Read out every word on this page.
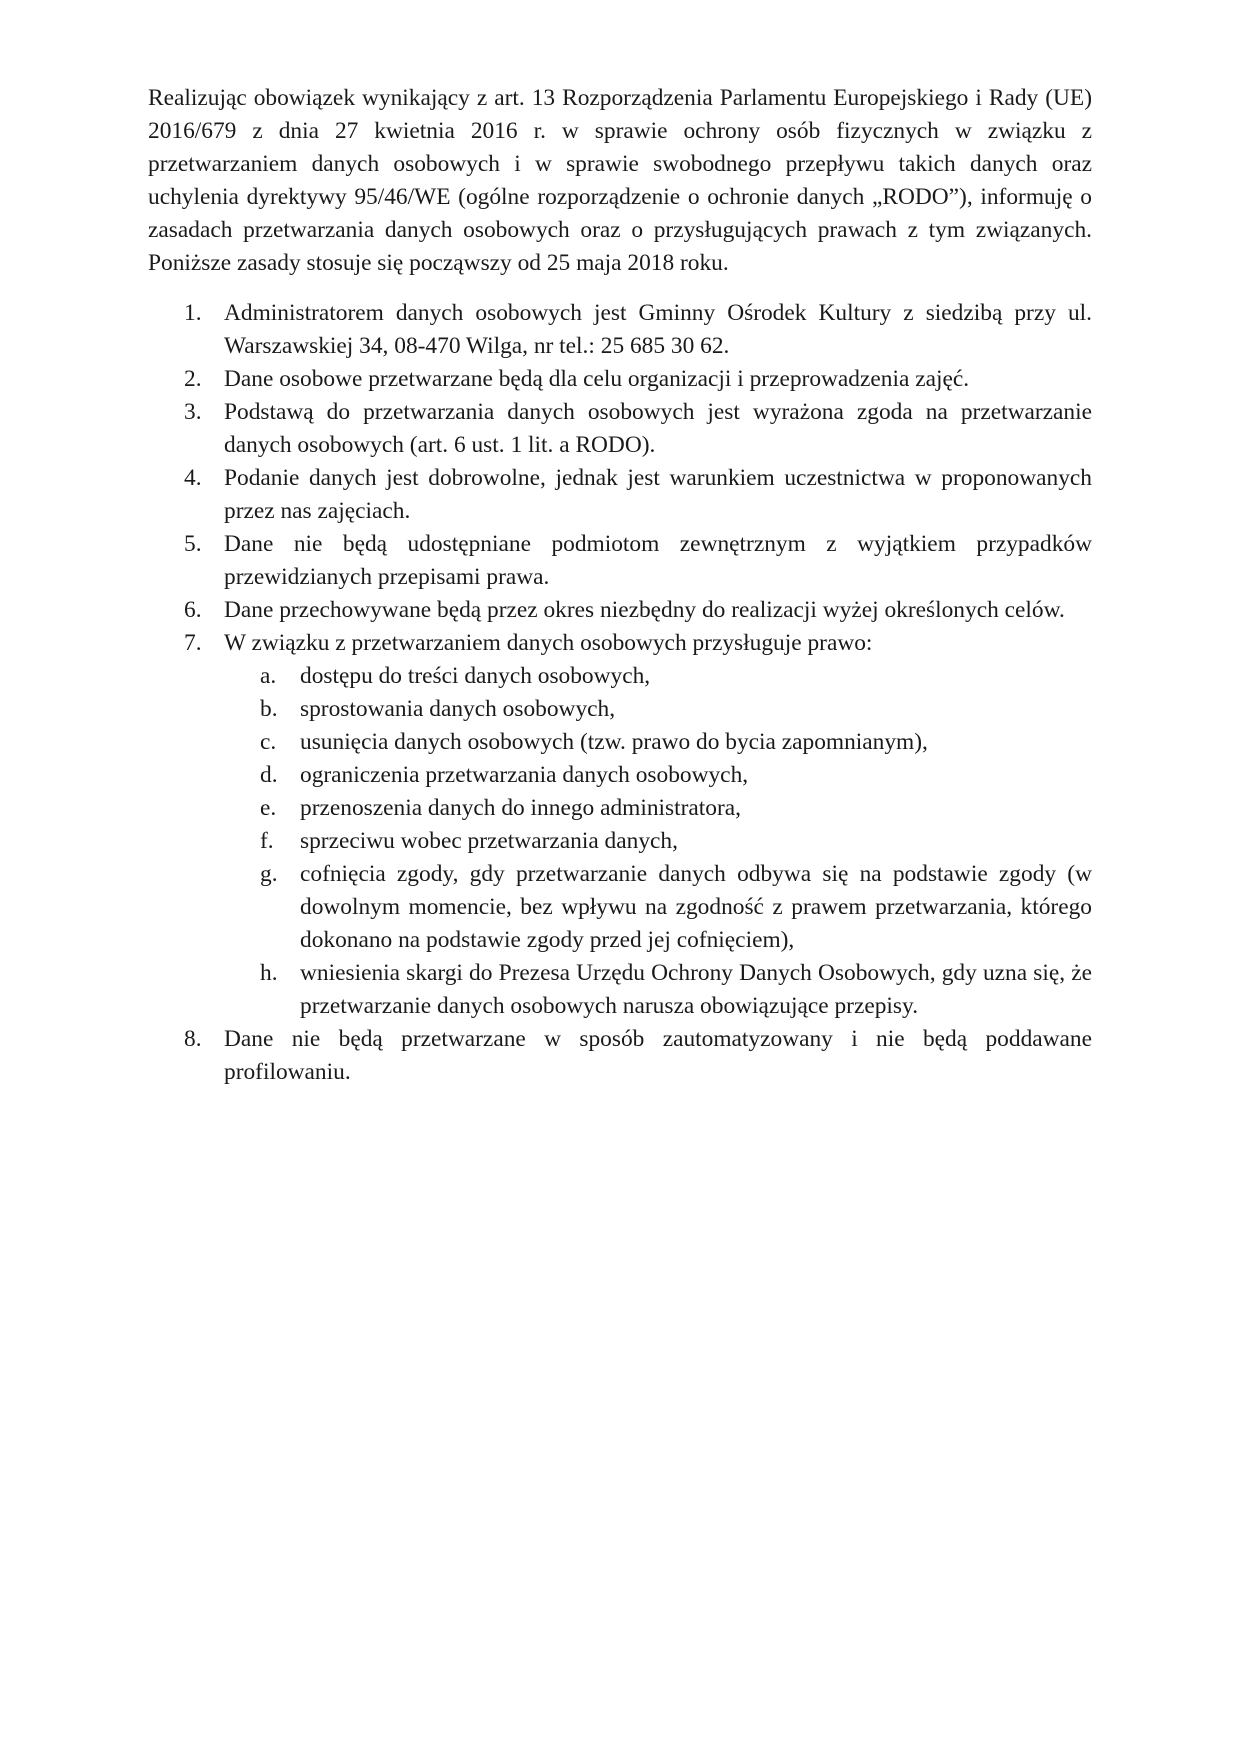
Realizując obowiązek wynikający z art. 13 Rozporządzenia Parlamentu Europejskiego i Rady (UE) 2016/679 z dnia 27 kwietnia 2016 r. w sprawie ochrony osób fizycznych w związku z przetwarzaniem danych osobowych i w sprawie swobodnego przepływu takich danych oraz uchylenia dyrektywy 95/46/WE (ogólne rozporządzenie o ochronie danych „RODO”), informuję o zasadach przetwarzania danych osobowych oraz o przysługujących prawach z tym związanych. Poniższe zasady stosuje się począwszy od 25 maja 2018 roku.

1. Administratorem danych osobowych jest Gminny Ośrodek Kultury z siedzibą przy ul. Warszawskiej 34, 08-470 Wilga, nr tel.: 25 685 30 62.
2. Dane osobowe przetwarzane będą dla celu organizacji i przeprowadzenia zajęć.
3. Podstawą do przetwarzania danych osobowych jest wyrażona zgoda na przetwarzanie danych osobowych (art. 6 ust. 1 lit. a RODO).
4. Podanie danych jest dobrowolne, jednak jest warunkiem uczestnictwa w proponowanych przez nas zajęciach.
5. Dane nie będą udostępniane podmiotom zewnętrznym z wyjątkiem przypadków przewidzianych przepisami prawa.
6. Dane przechowywane będą przez okres niezbędny do realizacji wyżej określonych celów.
7. W związku z przetwarzaniem danych osobowych przysługuje prawo:
a.	dostępu do treści danych osobowych,
b. sprostowania danych osobowych,
c.	usunięcia danych osobowych (tzw. prawo do bycia zapomnianym),
d. ograniczenia przetwarzania danych osobowych,
e.	przenoszenia danych do innego administratora,
f.	sprzeciwu wobec przetwarzania danych,
g. cofnięcia zgody, gdy przetwarzanie danych odbywa się na podstawie zgody (w dowolnym momencie, bez wpływu na zgodność z prawem przetwarzania, którego dokonano na podstawie zgody przed jej cofnięciem),
h. wniesienia skargi do Prezesa Urzędu Ochrony Danych Osobowych, gdy uzna się, że przetwarzanie danych osobowych narusza obowiązujące przepisy.
8. Dane nie będą przetwarzane w sposób zautomatyzowany i nie będą poddawane profilowaniu.
